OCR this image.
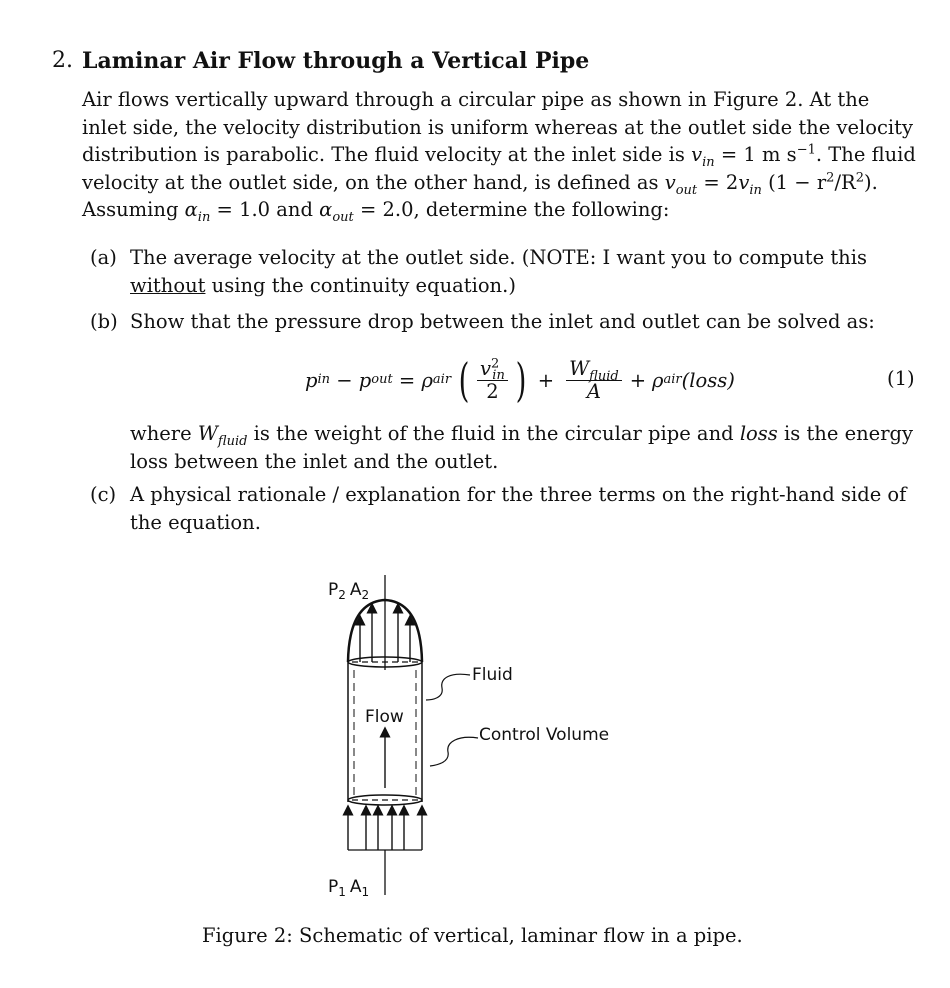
2. Laminar Air Flow through a Vertical Pipe
Air flows vertically upward through a circular pipe as shown in Figure 2. At the
inlet side, the velocity distribution is uniform whereas at the outlet side the velocity
distribution is parabolic. The fluid velocity at the inlet side is $v_{in} = 1$ m $s^{-1}$. The fluid
velocity at the outlet side, on the other hand, is defined as $v_{out} = 2v_{in}$ $(1 - r^2/R^2)$.
Assuming $\alpha_{in} = 1.0$ and $\alpha_{out} = 2.0$, determine the following:
(a) The average velocity at the outlet side. (NOTE: I want you to compute this
without using the continuity equation.)
(b) Show that the pressure drop between the inlet and outlet can be solved as:
p in − p out = ρ air ( $\frac{v^2_{in}}{2}$ ) + $\frac{W_{fluid}}{A} + \rho$ air (loss)	(1)
where $W_{fluid}$ is the weight of the fluid in the circular pipe and loss is the energy
loss between the inlet and the outlet.
(c) A physical rationale / explanation for the three terms on the right-hand side of
the equation.
Flow
Fluid
Control Volume
$P_2$ $A_2$
$P_1$ $A_1$
Figure 2: Schematic of vertical, laminar flow in a pipe.
